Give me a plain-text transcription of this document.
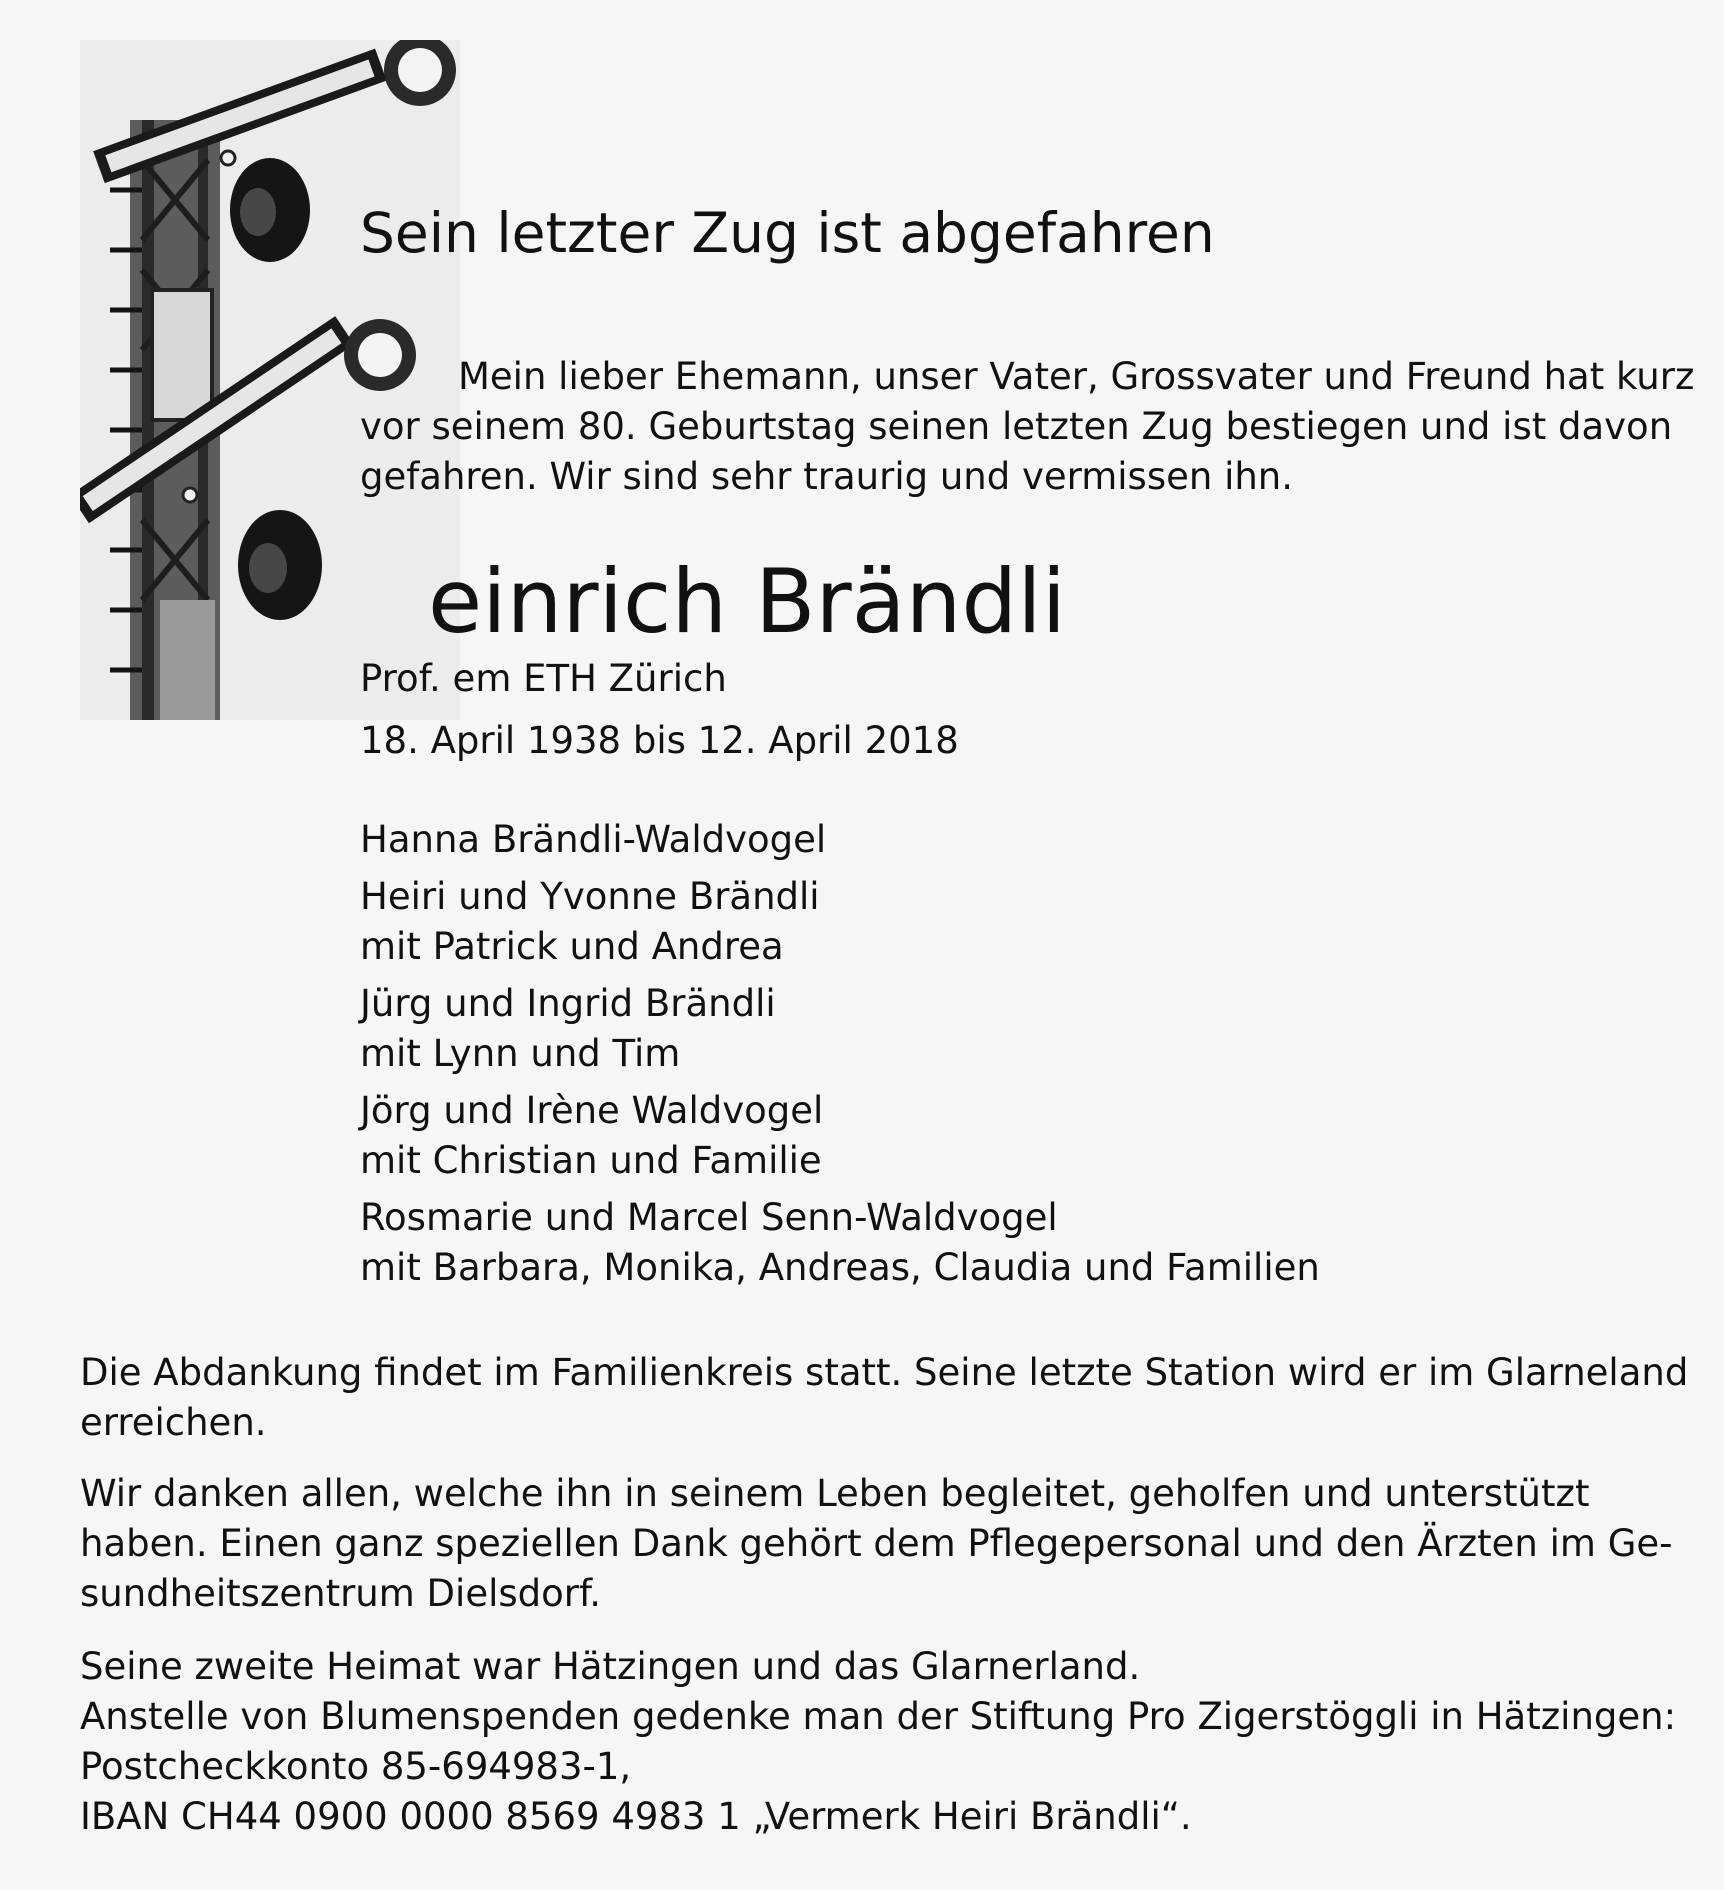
Sein letzter Zug ist abgefahren
Mein lieber Ehemann, unser Vater, Grossvater und Freund hat kurz
vor seinem 80. Geburtstag seinen letzten Zug bestiegen und ist davon
gefahren. Wir sind sehr traurig und vermissen ihn.
einrich Brändli
Prof. em ETH Zürich
18. April 1938 bis 12. April 2018
Hanna Brändli-Waldvogel
Heiri und Yvonne Brändli
mit Patrick und Andrea
Jürg und Ingrid Brändli
mit Lynn und Tim
Jörg und Irène Waldvogel
mit Christian und Familie
Rosmarie und Marcel Senn-Waldvogel
mit Barbara, Monika, Andreas, Claudia und Familien
Die Abdankung findet im Familienkreis statt. Seine letzte Station wird er im Glarneland
erreichen.
Wir danken allen, welche ihn in seinem Leben begleitet, geholfen und unterstützt
haben. Einen ganz speziellen Dank gehört dem Pflegepersonal und den Ärzten im Ge-
sundheitszentrum Dielsdorf.
Seine zweite Heimat war Hätzingen und das Glarnerland.
Anstelle von Blumenspenden gedenke man der Stiftung Pro Zigerstöggli in Hätzingen:
Postcheckkonto 85-694983-1,
IBAN CH44 0900 0000 8569 4983 1 „Vermerk Heiri Brändli“.
